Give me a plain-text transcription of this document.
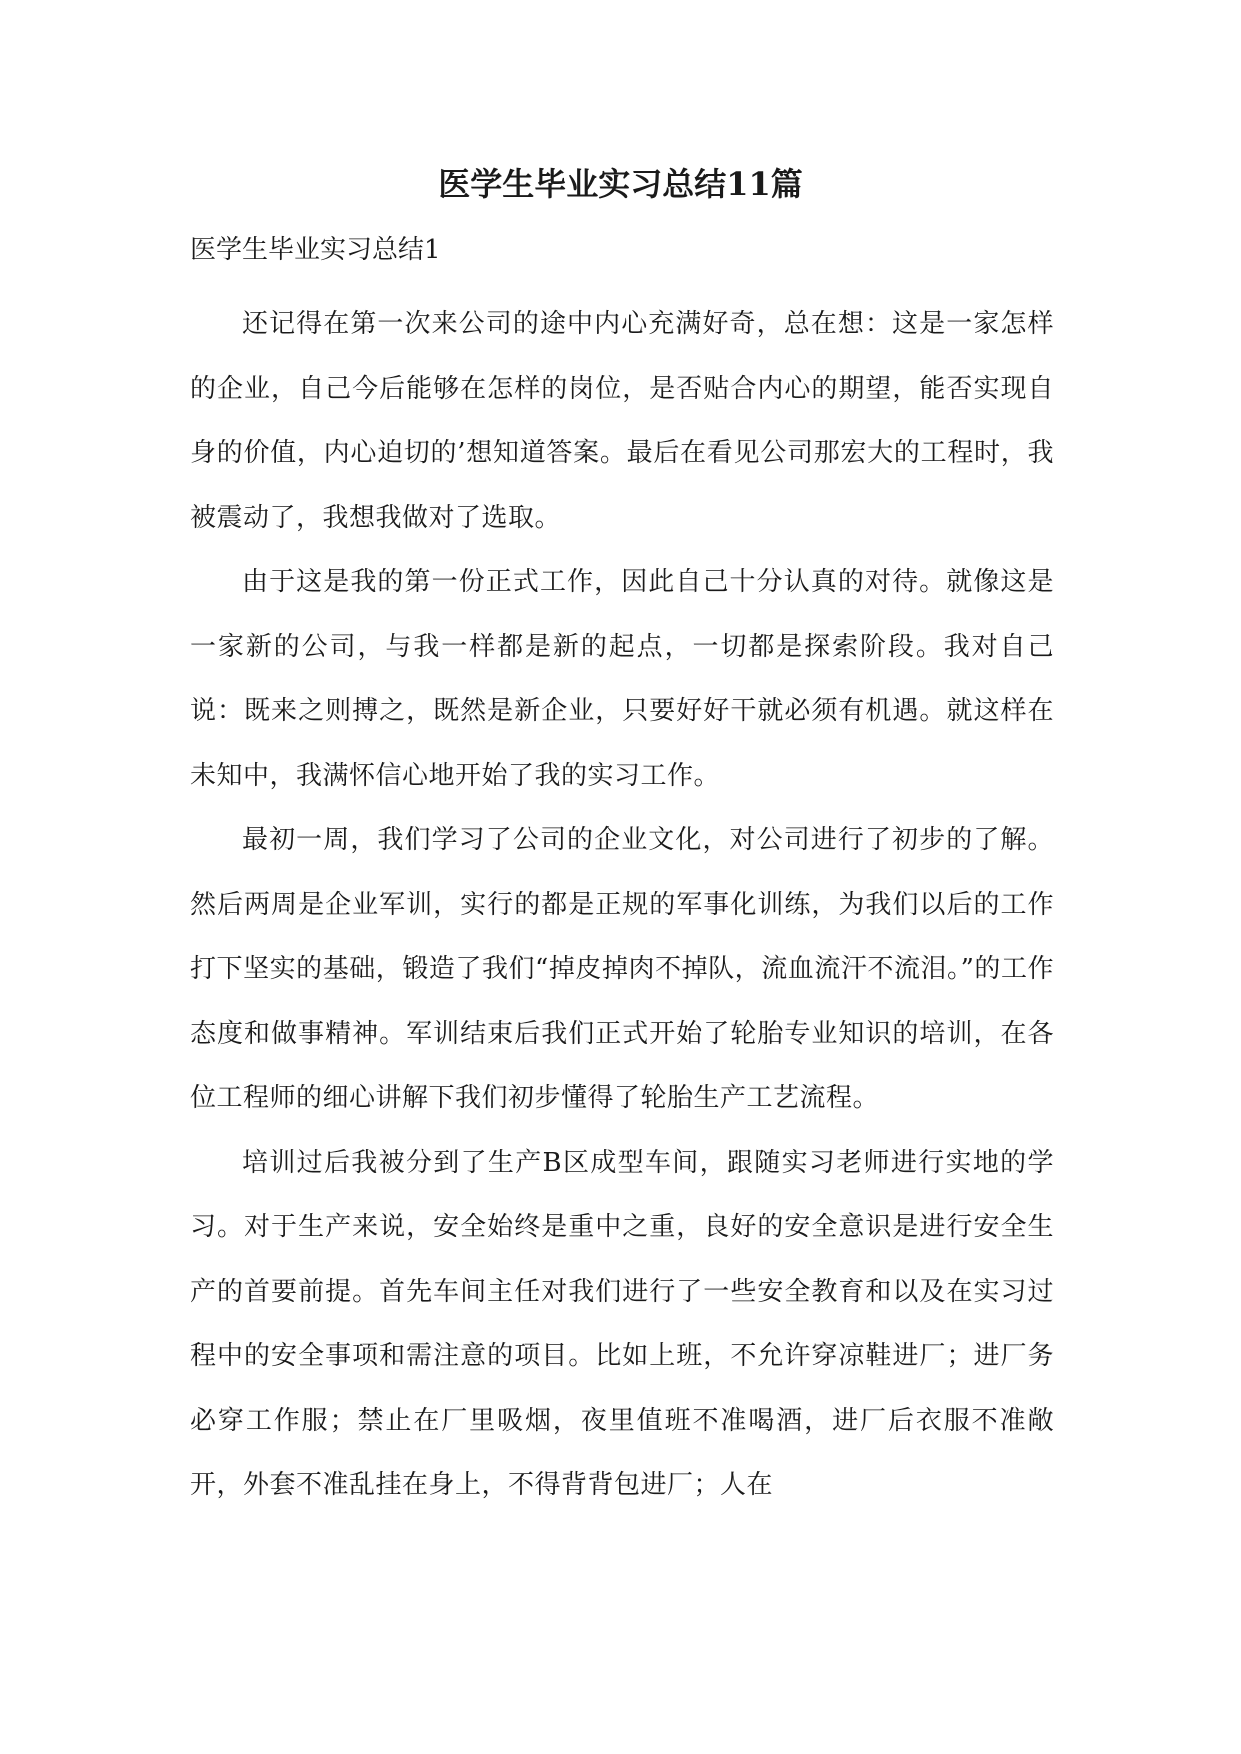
医学生毕业实习总结11篇
医学生毕业实习总结1

还记得在第一次来公司的途中内心充满好奇，总在想：这是一家怎样的企业，自己今后能够在怎样的岗位，是否贴合内心的期望，能否实现自身的价值，内心迫切的’想知道答案。最后在看见公司那宏大的工程时，我被震动了，我想我做对了选取。

由于这是我的第一份正式工作，因此自己十分认真的对待。就像这是一家新的公司，与我一样都是新的起点，一切都是探索阶段。我对自己说：既来之则搏之，既然是新企业，只要好好干就必须有机遇。就这样在未知中，我满怀信心地开始了我的实习工作。

最初一周，我们学习了公司的企业文化，对公司进行了初步的了解。然后两周是企业军训，实行的都是正规的军事化训练，为我们以后的工作打下坚实的基础，锻造了我们“掉皮掉肉不掉队，流血流汗不流泪。”的工作态度和做事精神。军训结束后我们正式开始了轮胎专业知识的培训，在各位工程师的细心讲解下我们初步懂得了轮胎生产工艺流程。

培训过后我被分到了生产B区成型车间，跟随实习老师进行实地的学习。对于生产来说，安全始终是重中之重，良好的安全意识是进行安全生产的首要前提。首先车间主任对我们进行了一些安全教育和以及在实习过程中的安全事项和需注意的项目。比如上班，不允许穿凉鞋进厂；进厂务必穿工作服；禁止在厂里吸烟，夜里值班不准喝酒，进厂后衣服不准敞开，外套不准乱挂在身上，不得背背包进厂；人在
